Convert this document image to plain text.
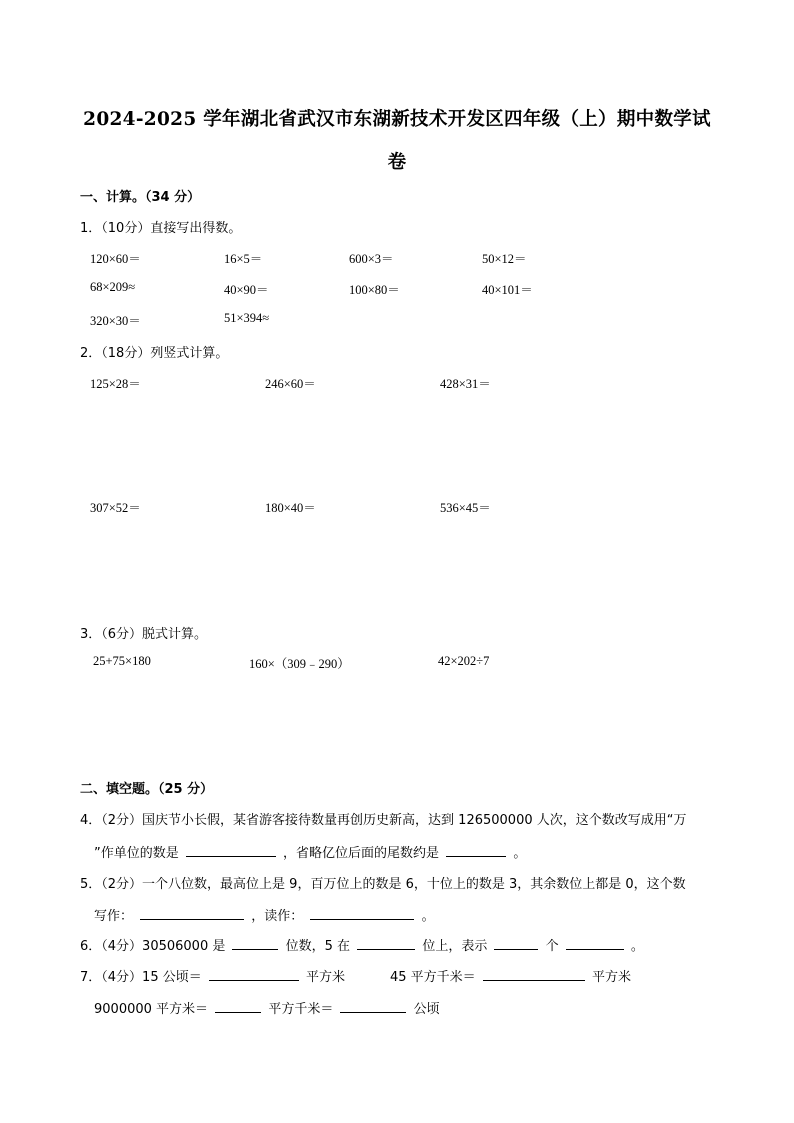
2024-2025 学年湖北省武汉市东湖新技术开发区四年级（上）期中数学试
卷
一、计算。（34 分）
1．（10分）直接写出得数。
120×60＝	16×5＝	600×3＝	50×12＝
68×209≈	40×90＝	100×80＝	40×101＝
320×30＝	51×394≈
2．（18分）列竖式计算。
125×28＝	246×60＝	428×31＝
307×52＝	180×40＝	536×45＝
3．（6分）脱式计算。
25+75×180	160×（309﹣290）	42×202÷7
二、填空题。（25 分）
4．（2分）国庆节小长假，某省游客接待数量再创历史新高，达到 126500000 人次，这个数改写成用“万
”作单位的数是	，省略亿位后面的尾数约是	。
5．（2分）一个八位数，最高位上是 9，百万位上的数是 6，十位上的数是 3，其余数位上都是 0，这个数
写作：	，读作：	。
6．（4分）30506000 是	位数，5 在	位上，表示	个	。
7．（4分）15 公顷＝	平方米	45 平方千米＝	平方米
9000000 平方米＝	平方千米＝	公顷
